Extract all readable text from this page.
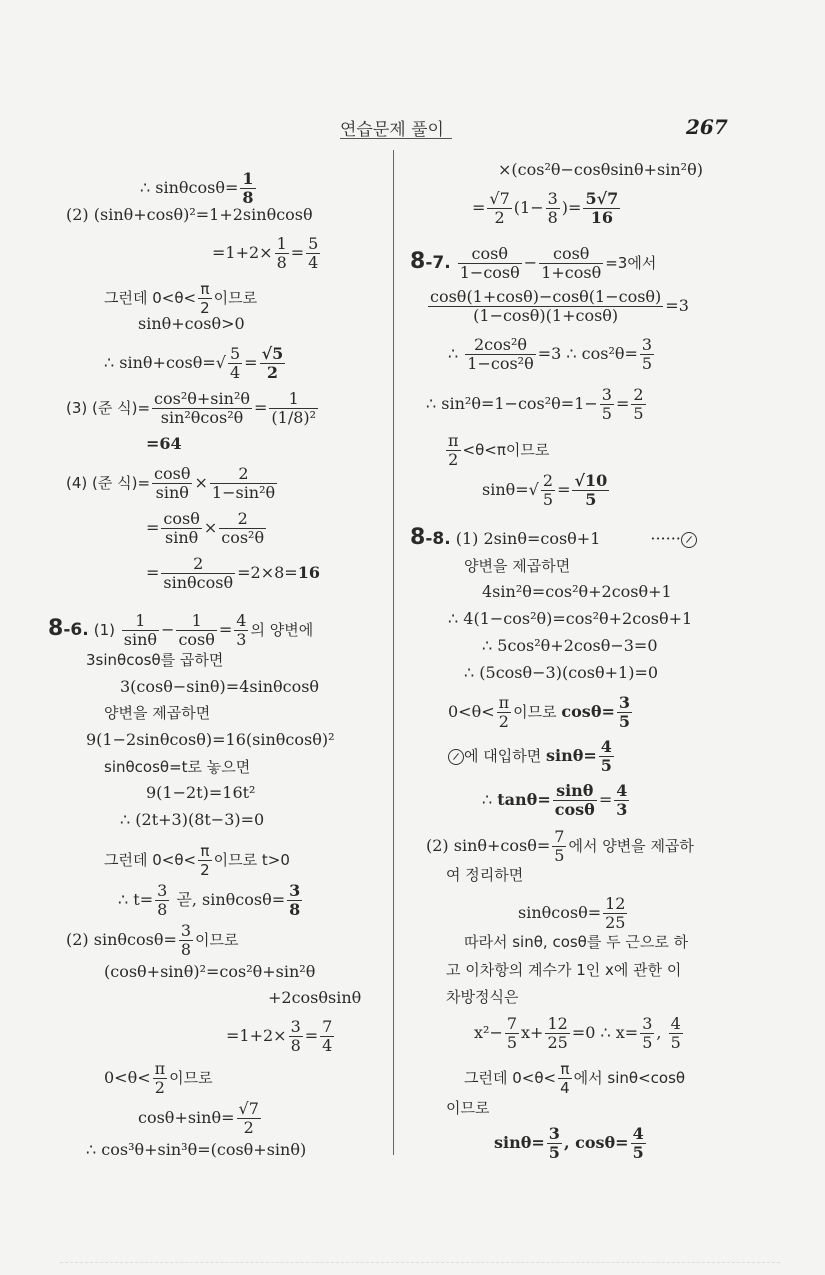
연습문제 풀이	267
∴ $\sin\theta\cos\theta= \frac{1}{8}$
(2) (sinθ+cosθ)²=1+2sinθcosθ
$=1+2\times \frac{1}{8} = \frac{5}{4}$
그런데 $0<\theta< \frac{\pi}{2}$ 이므로
sinθ+cosθ>0
∴ $\sin\theta+\cos\theta=√ \frac{5}{4} = \frac{√5}{2}$
(3) (준 식)= $\frac{\text{cos²θ+sin²θ}}{\text{sin²θcos²θ}} = \frac{1}{\text{(1/8)²}}$
=64
(4) (준 식)= $\frac{\cos\theta}{\sin\theta} \times \frac{2}{\text{1−sin²θ}}$
= $\frac{\cos\theta}{\sin\theta} \times \frac{2}{\text{cos²θ}}$
= $\frac{2}{\sin\theta\cos\theta} =2\times 8=16$
8-6. $(1) \frac{1}{\sin\theta} - \frac{1}{\cos\theta} = \frac{4}{3}$ 의 양변에
3sinθcosθ를 곱하면
3(cosθ−sinθ)=4sinθcosθ
양변을 제곱하면
9(1−2sinθcosθ)=16(sinθcosθ)²
sinθcosθ=t로 놓으면
9(1−2t)=16t²
∴ (2t+3)(8t−3)=0
그런데 $0<\theta< \frac{\pi}{2}$ 이므로 t>0
∴ $t= \frac{3}{8}$ 곧, $\sin\theta\cos\theta= \frac{3}{8}$
(2) $\sin\theta\cos\theta= \frac{3}{8}$ 이므로
(cosθ+sinθ)²=cos²θ+sin²θ
+2cosθsinθ
$=1+2\times \frac{3}{8} = \frac{7}{4}$
$0<\theta< \frac{\pi}{2}$ 이므로
$\cos\theta+\sin\theta= \frac{√7}{2}$
∴ cos³θ+sin³θ=(cosθ+sinθ)
×(cos²θ−cosθsinθ+sin²θ)
= $\frac{√7}{2} (1- \frac{3}{8}$ )= $\frac{5√7}{16}$
8-7. $\frac{\cos\theta}{1-\cos\theta} - \frac{\cos\theta}{1+\cos\theta} =3$에서
$\frac{\cos\theta(1+\cos\theta)-\cos\theta(1-\cos\theta)}{(1-\cos\theta)(1+\cos\theta)} =3$
∴ $\frac{\text{2cos²θ}}{\text{1−cos²θ}} =3$ ∴ $\cos^2\theta= \frac{3}{5}$
∴ $\sin^2\theta=1-\cos^2\theta=1- \frac{3}{5} = \frac{2}{5}$
$\frac{\pi}{2} <\theta<\pi$이므로
$\sin\theta=√ \frac{2}{5} = \frac{√10}{5}$
8-8. (1) 2sinθ=cosθ+1	······
양변을 제곱하면
4sin²θ=cos²θ+2cosθ+1
∴ 4(1−cos²θ)=cos²θ+2cosθ+1
∴ 5cos²θ+2cosθ−3=0
∴ (5cosθ−3)(cosθ+1)=0
$0<\theta< \frac{\pi}{2}$ 이므로 $\cos\theta= \frac{3}{5}$
에 대입하면 $\sin\theta= \frac{4}{5}$
∴ $\tan\theta= \frac{\sin\theta}{\cos\theta} = \frac{4}{3}$
(2) $\sin\theta+\cos\theta= \frac{7}{5}$ 에서 양변을 제곱하
여 정리하면
$\sin\theta\cos\theta= \frac{12}{25}$
따라서 sinθ, cosθ를 두 근으로 하
고 이차항의 계수가 1인 x에 관한 이
차방정식은
$x^2- \frac{7}{5} x+ \frac{12}{25} =0$ ∴ $x= \frac{3}{5}$ , $\frac{4}{5}$
그런데 $0<\theta< \frac{\pi}{4}$ 에서 sinθ<cosθ
이므로
$\sin\theta= \frac{3}{5}$ , $\cos\theta= \frac{4}{5}$
